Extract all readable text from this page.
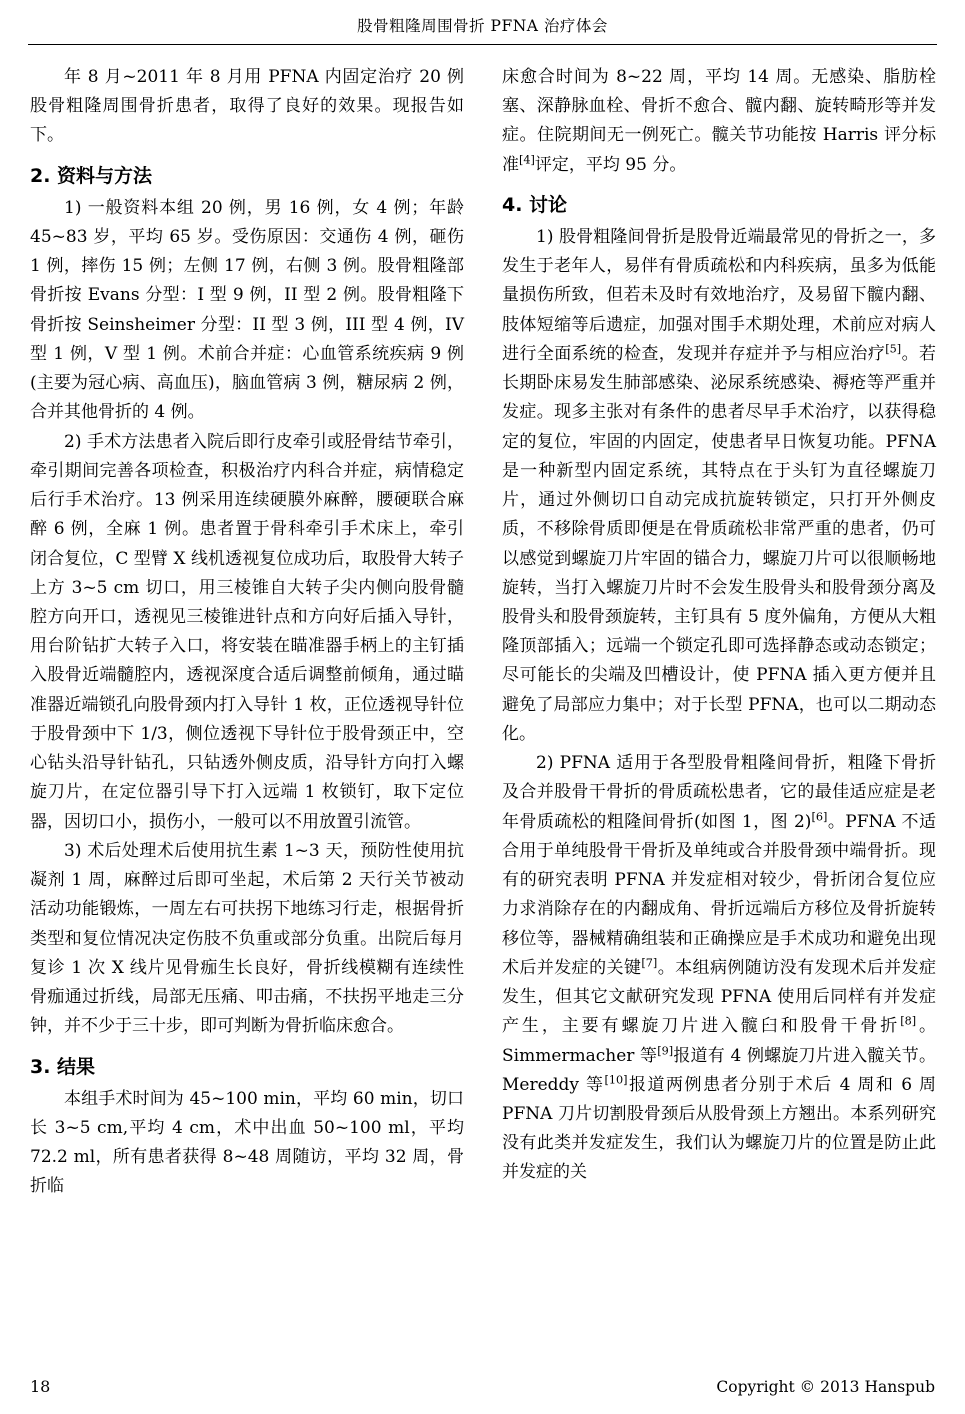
股骨粗隆周围骨折 PFNA 治疗体会

年 8 月~2011 年 8 月用 PFNA 内固定治疗 20 例股骨粗隆周围骨折患者，取得了良好的效果。现报告如下。

2. 资料与方法

1) 一般资料本组 20 例，男 16 例，女 4 例；年龄 45~83 岁，平均 65 岁。受伤原因：交通伤 4 例，砸伤 1 例，摔伤 15 例；左侧 17 例，右侧 3 例。股骨粗隆部骨折按 Evans 分型：I 型 9 例，II 型 2 例。股骨粗隆下骨折按 Seinsheimer 分型：II 型 3 例，III 型 4 例，IV 型 1 例，V 型 1 例。术前合并症：心血管系统疾病 9 例(主要为冠心病、高血压)，脑血管病 3 例，糖尿病 2 例，合并其他骨折的 4 例。

2) 手术方法患者入院后即行皮牵引或胫骨结节牵引，牵引期间完善各项检查，积极治疗内科合并症，病情稳定后行手术治疗。13 例采用连续硬膜外麻醉，腰硬联合麻醉 6 例，全麻 1 例。患者置于骨科牵引手术床上，牵引闭合复位，C 型臂 X 线机透视复位成功后，取股骨大转子上方 3~5 cm 切口，用三棱锥自大转子尖内侧向股骨髓腔方向开口，透视见三棱锥进针点和方向好后插入导针，用台阶钻扩大转子入口，将安装在瞄准器手柄上的主钉插入股骨近端髓腔内，透视深度合适后调整前倾角，通过瞄准器近端锁孔向股骨颈内打入导针 1 枚，正位透视导针位于股骨颈中下 1/3，侧位透视下导针位于股骨颈正中，空心钻头沿导针钻孔，只钻透外侧皮质，沿导针方向打入螺旋刀片，在定位器引导下打入远端 1 枚锁钉，取下定位器，因切口小，损伤小，一般可以不用放置引流管。

3) 术后处理术后使用抗生素 1~3 天，预防性使用抗凝剂 1 周，麻醉过后即可坐起，术后第 2 天行关节被动活动功能锻炼，一周左右可扶拐下地练习行走，根据骨折类型和复位情况决定伤肢不负重或部分负重。出院后每月复诊 1 次 X 线片见骨痂生长良好，骨折线模糊有连续性骨痂通过折线，局部无压痛、叩击痛，不扶拐平地走三分钟，并不少于三十步，即可判断为骨折临床愈合。

3. 结果

本组手术时间为 45~100 min，平均 60 min，切口长 3~5 cm,平均 4 cm，术中出血 50~100 ml，平均 72.2 ml，所有患者获得 8~48 周随访，平均 32 周，骨折临

床愈合时间为 8~22 周，平均 14 周。无感染、脂肪栓塞、深静脉血栓、骨折不愈合、髋内翻、旋转畸形等并发症。住院期间无一例死亡。髋关节功能按 Harris 评分标准[4]评定，平均 95 分。

4. 讨论

1) 股骨粗隆间骨折是股骨近端最常见的骨折之一，多发生于老年人，易伴有骨质疏松和内科疾病，虽多为低能量损伤所致，但若未及时有效地治疗，及易留下髋内翻、肢体短缩等后遗症，加强对围手术期处理，术前应对病人进行全面系统的检查，发现并存症并予与相应治疗[5]。若长期卧床易发生肺部感染、泌尿系统感染、褥疮等严重并发症。现多主张对有条件的患者尽早手术治疗，以获得稳定的复位，牢固的内固定，使患者早日恢复功能。PFNA 是一种新型内固定系统，其特点在于头钉为直径螺旋刀片，通过外侧切口自动完成抗旋转锁定，只打开外侧皮质，不移除骨质即便是在骨质疏松非常严重的患者，仍可以感觉到螺旋刀片牢固的锚合力，螺旋刀片可以很顺畅地旋转，当打入螺旋刀片时不会发生股骨头和股骨颈分离及股骨头和股骨颈旋转，主钉具有 5 度外偏角，方便从大粗隆顶部插入；远端一个锁定孔即可选择静态或动态锁定；尽可能长的尖端及凹槽设计，使 PFNA 插入更方便并且避免了局部应力集中；对于长型 PFNA，也可以二期动态化。

2) PFNA 适用于各型股骨粗隆间骨折，粗隆下骨折及合并股骨干骨折的骨质疏松患者，它的最佳适应症是老年骨质疏松的粗隆间骨折(如图 1，图 2)[6]。PFNA 不适合用于单纯股骨干骨折及单纯或合并股骨颈中端骨折。现有的研究表明 PFNA 并发症相对较少，骨折闭合复位应力求消除存在的内翻成角、骨折远端后方移位及骨折旋转移位等，器械精确组装和正确操应是手术成功和避免出现术后并发症的关键[7]。本组病例随访没有发现术后并发症发生，但其它文献研究发现 PFNA 使用后同样有并发症产生，主要有螺旋刀片进入髋臼和股骨干骨折[8]。Simmermacher 等[9]报道有 4 例螺旋刀片进入髋关节。Mereddy 等[10]报道两例患者分别于术后 4 周和 6 周 PFNA 刀片切割股骨颈后从股骨颈上方翘出。本系列研究没有此类并发症发生，我们认为螺旋刀片的位置是防止此并发症的关

18	Copyright © 2013 Hanspub
